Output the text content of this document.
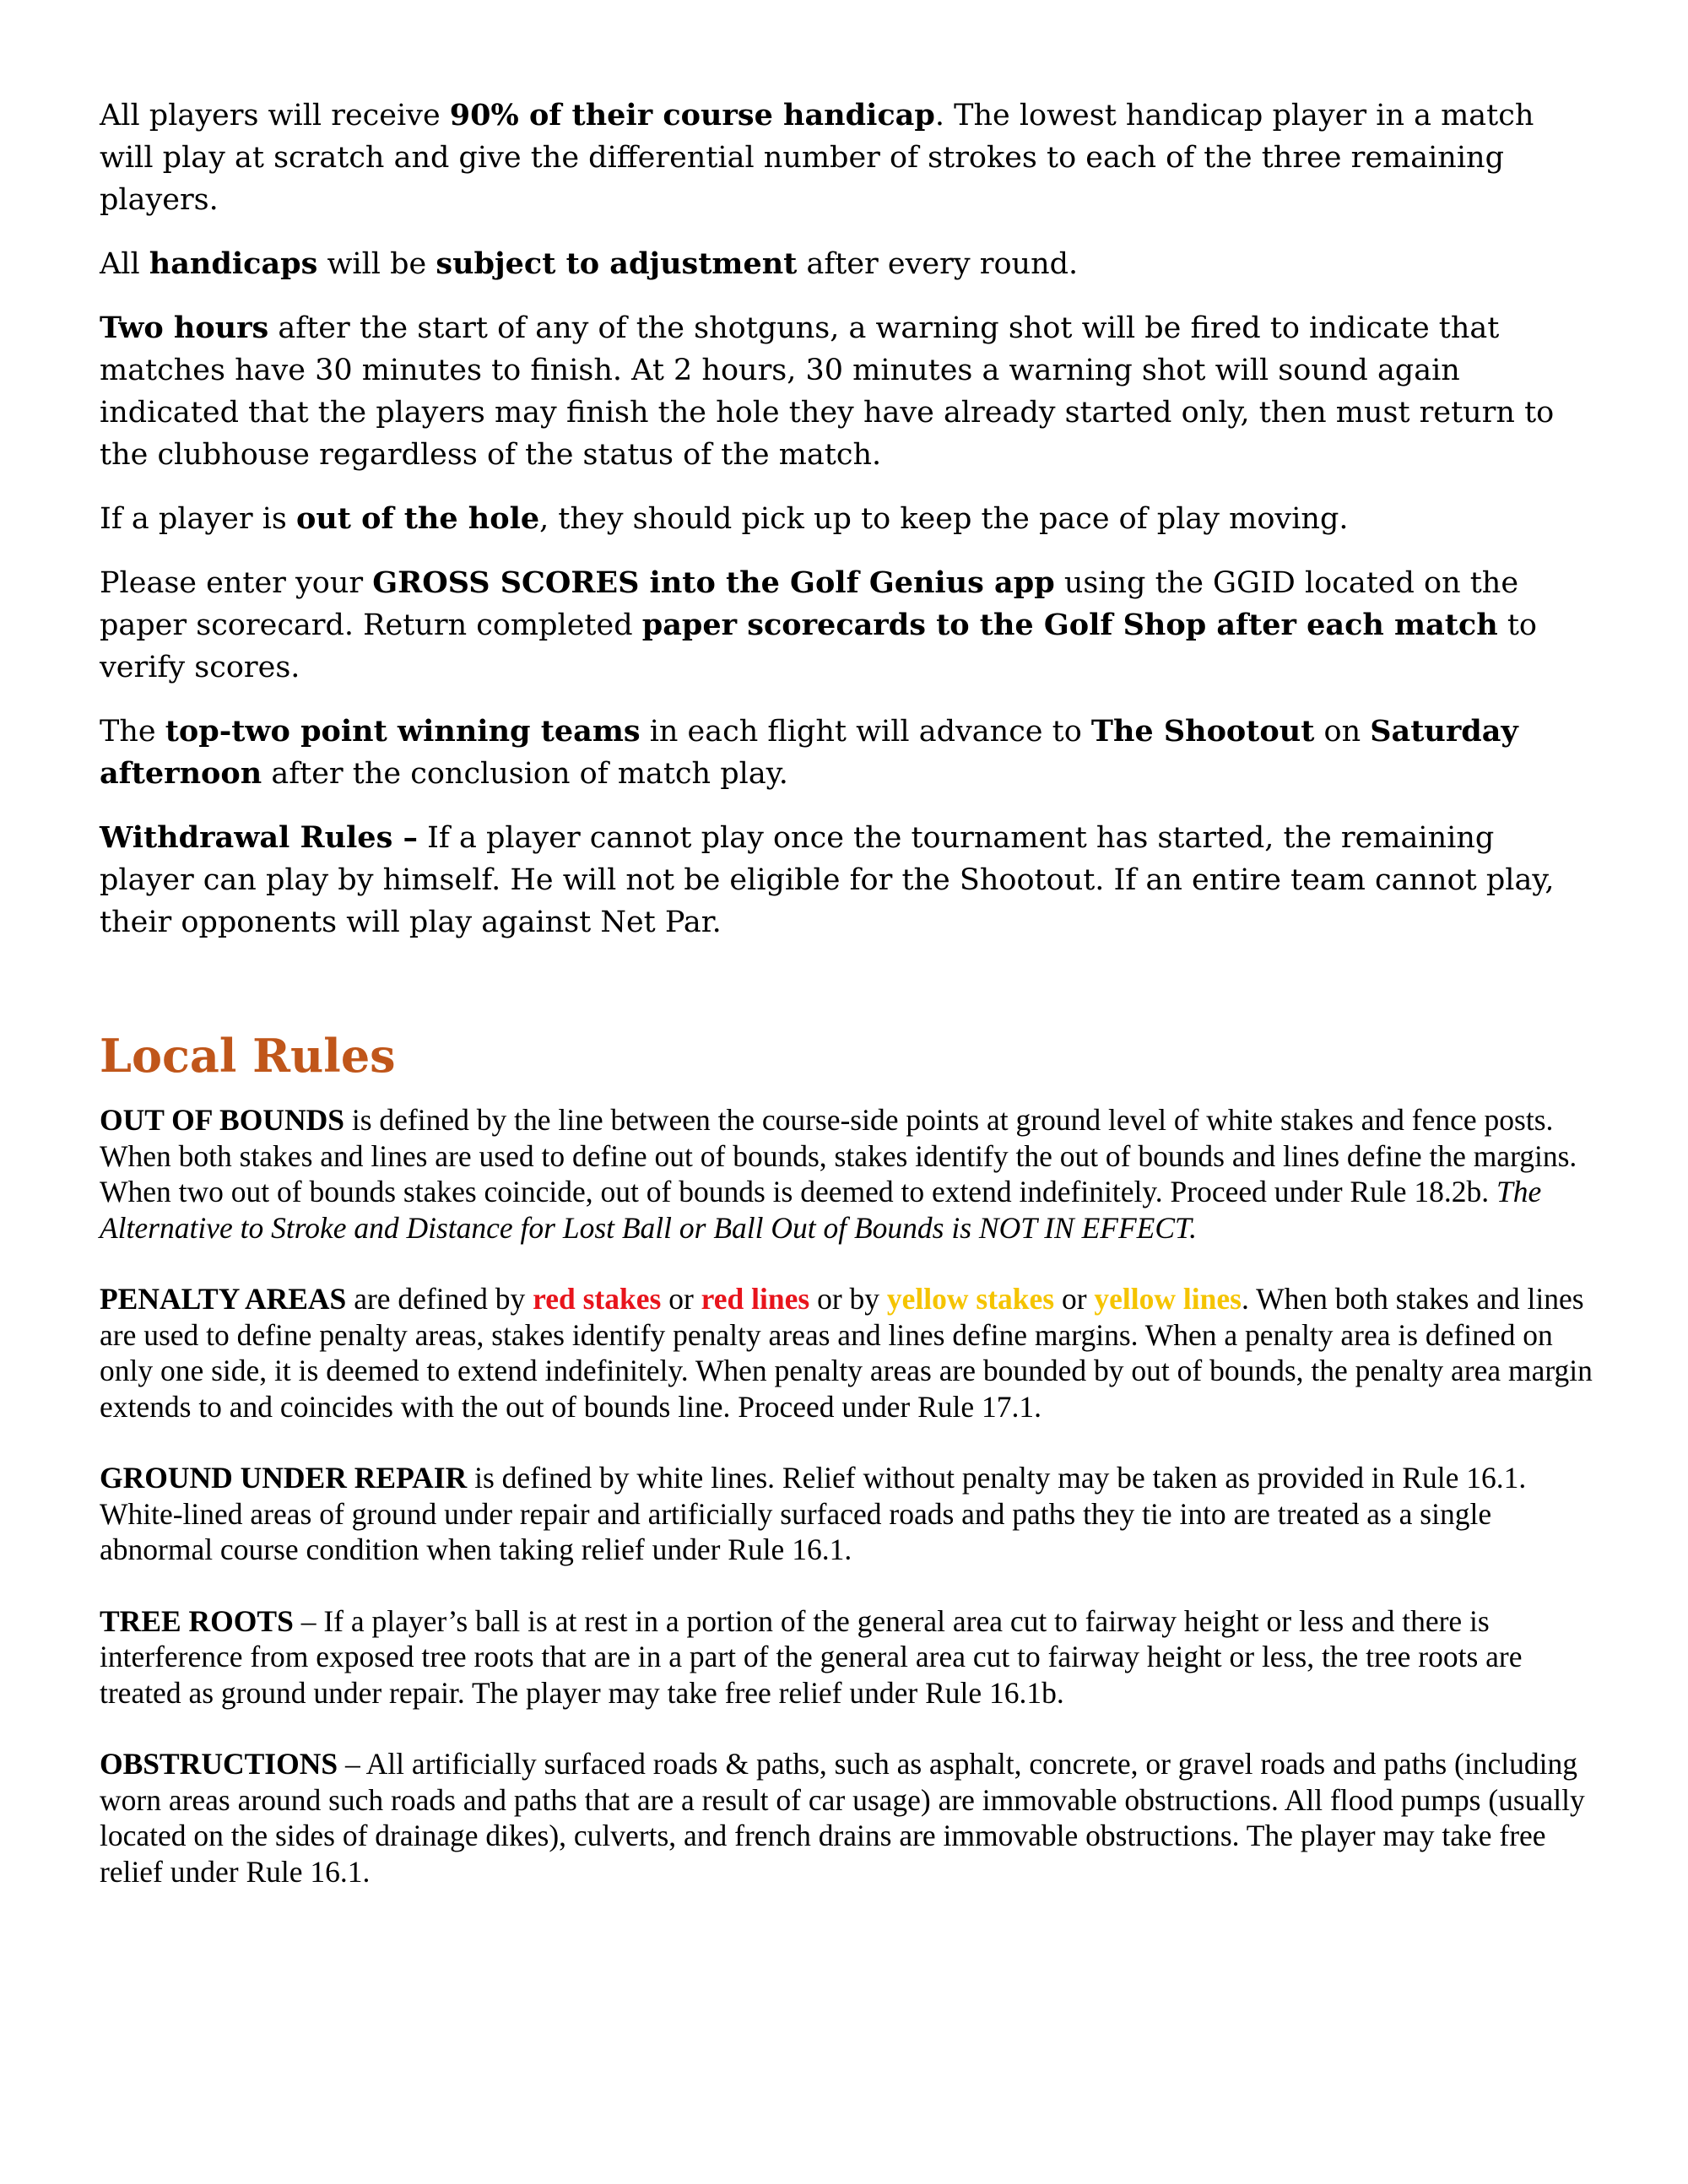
All players will receive 90% of their course handicap. The lowest handicap player in a match will play at scratch and give the differential number of strokes to each of the three remaining players.

All handicaps will be subject to adjustment after every round.

Two hours after the start of any of the shotguns, a warning shot will be fired to indicate that matches have 30 minutes to finish. At 2 hours, 30 minutes a warning shot will sound again indicated that the players may finish the hole they have already started only, then must return to the clubhouse regardless of the status of the match.

If a player is out of the hole, they should pick up to keep the pace of play moving.

Please enter your GROSS SCORES into the Golf Genius app using the GGID located on the paper scorecard. Return completed paper scorecards to the Golf Shop after each match to verify scores.

The top-two point winning teams in each flight will advance to The Shootout on Saturday afternoon after the conclusion of match play.

Withdrawal Rules – If a player cannot play once the tournament has started, the remaining player can play by himself. He will not be eligible for the Shootout. If an entire team cannot play, their opponents will play against Net Par.

Local Rules

OUT OF BOUNDS is defined by the line between the course-side points at ground level of white stakes and fence posts. When both stakes and lines are used to define out of bounds, stakes identify the out of bounds and lines define the margins. When two out of bounds stakes coincide, out of bounds is deemed to extend indefinitely. Proceed under Rule 18.2b. The Alternative to Stroke and Distance for Lost Ball or Ball Out of Bounds is NOT IN EFFECT.

PENALTY AREAS are defined by red stakes or red lines or by yellow stakes or yellow lines. When both stakes and lines are used to define penalty areas, stakes identify penalty areas and lines define margins. When a penalty area is defined on only one side, it is deemed to extend indefinitely. When penalty areas are bounded by out of bounds, the penalty area margin extends to and coincides with the out of bounds line. Proceed under Rule 17.1.

GROUND UNDER REPAIR is defined by white lines. Relief without penalty may be taken as provided in Rule 16.1. White-lined areas of ground under repair and artificially surfaced roads and paths they tie into are treated as a single abnormal course condition when taking relief under Rule 16.1.

TREE ROOTS – If a player’s ball is at rest in a portion of the general area cut to fairway height or less and there is interference from exposed tree roots that are in a part of the general area cut to fairway height or less, the tree roots are treated as ground under repair. The player may take free relief under Rule 16.1b.

OBSTRUCTIONS – All artificially surfaced roads & paths, such as asphalt, concrete, or gravel roads and paths (including worn areas around such roads and paths that are a result of car usage) are immovable obstructions. All flood pumps (usually located on the sides of drainage dikes), culverts, and french drains are immovable obstructions. The player may take free relief under Rule 16.1.
